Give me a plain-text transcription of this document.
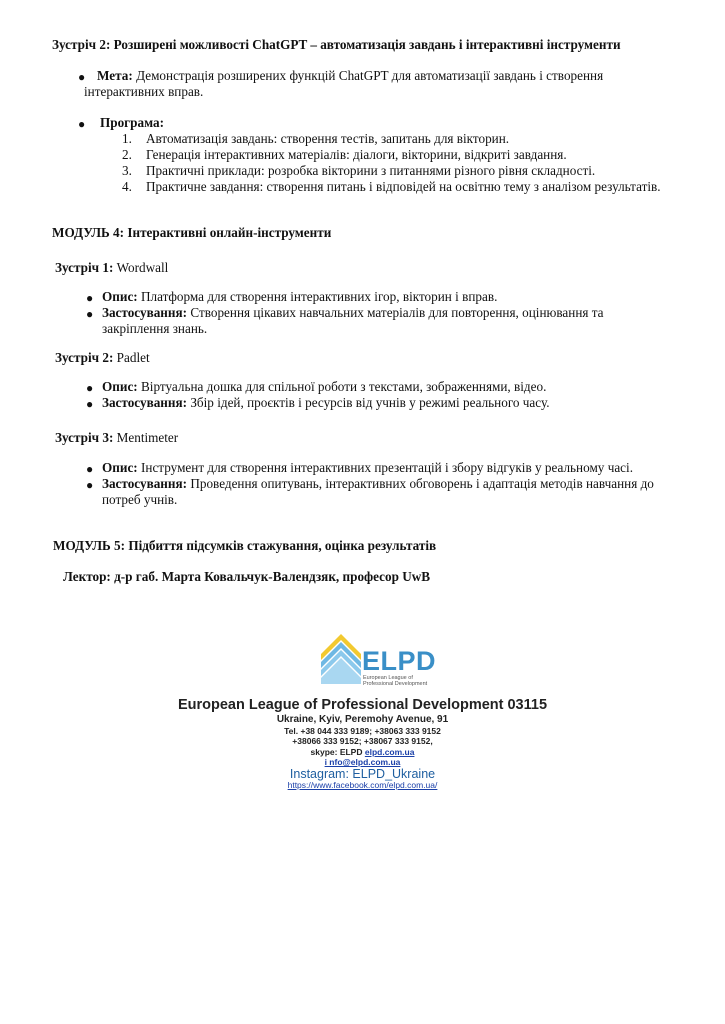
Зустріч 2: Розширені можливості ChatGPT – автоматизація завдань і інтерактивні інструменти
● Мета: Демонстрація розширених функцій ChatGPT для автоматизації завдань і створення
інтерактивних вправ.
● Програма:
1. Автоматизація завдань: створення тестів, запитань для вікторин.
2. Генерація інтерактивних матеріалів: діалоги, вікторини, відкриті завдання.
3. Практичні приклади: розробка вікторини з питаннями різного рівня складності.
4. Практичне завдання: створення питань і відповідей на освітню тему з аналізом результатів.
МОДУЛЬ 4: Інтерактивні онлайн-інструменти
Зустріч 1: Wordwall
● Опис: Платформа для створення інтерактивних ігор, вікторин і вправ.
● Застосування: Створення цікавих навчальних матеріалів для повторення, оцінювання та
закріплення знань.
Зустріч 2: Padlet
● Опис: Віртуальна дошка для спільної роботи з текстами, зображеннями, відео.
● Застосування: Збір ідей, проєктів і ресурсів від учнів у режимі реального часу.
Зустріч 3: Mentimeter
● Опис: Інструмент для створення інтерактивних презентацій і збору відгуків у реальному часі.
● Застосування: Проведення опитувань, інтерактивних обговорень і адаптація методів навчання до
потреб учнів.
МОДУЛЬ 5: Підбиття підсумків стажування, оцінка результатів
Лектор: д-р габ. Марта Ковальчук-Валендзяк, професор UwB
ELPD
European League of
Professional Development
European League of Professional Development 03115
Ukraine, Kyiv, Peremohy Avenue, 91
Tel. +38 044 333 9189; +38063 333 9152
+38066 333 9152; +38067 333 9152,
skype: ELPD elpd.com.ua
i nfo@elpd.com.ua
Instagram: ELPD_Ukraine
https://www.facebook.com/elpd.com.ua/
